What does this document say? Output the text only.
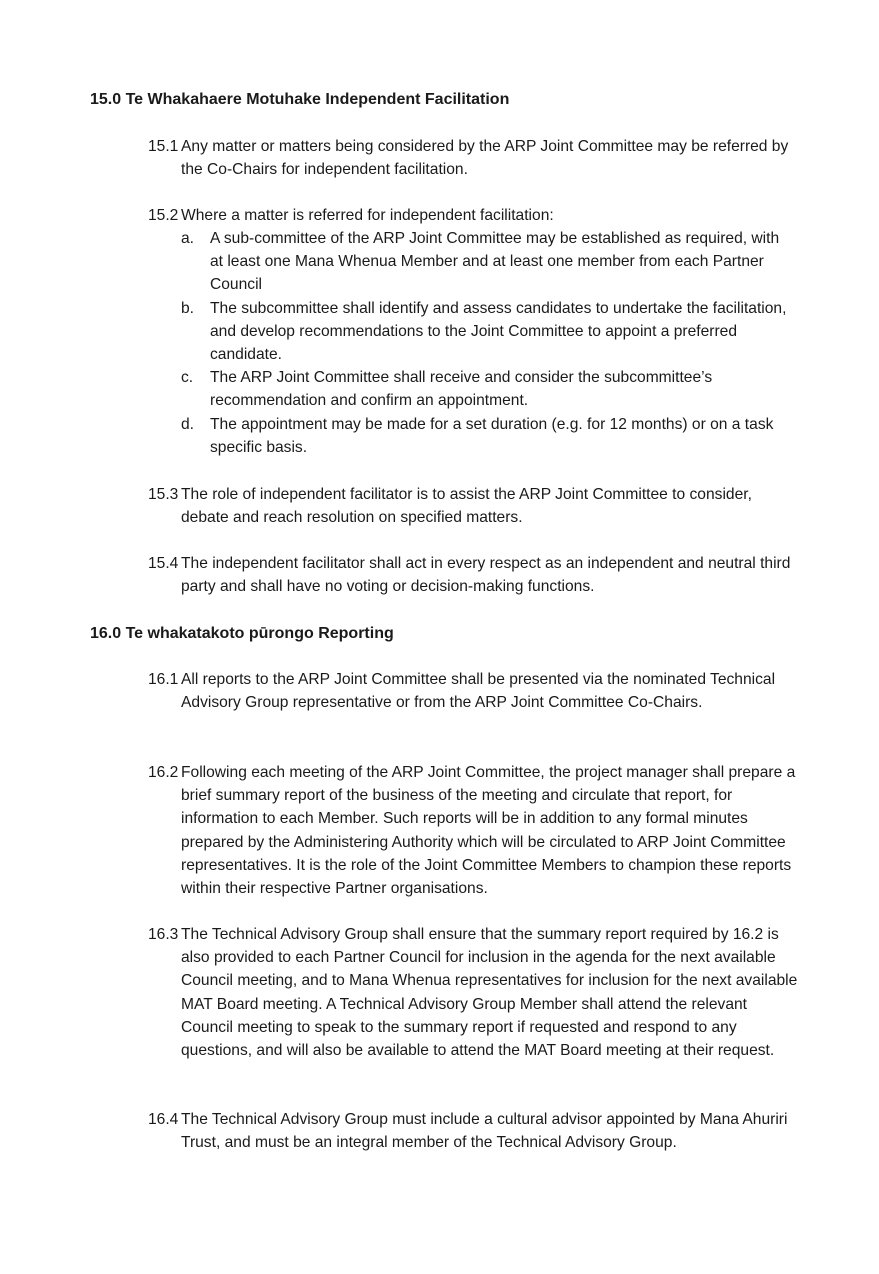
15.0 Te Whakahaere Motuhake Independent Facilitation
15.1 Any matter or matters being considered by the ARP Joint Committee may be referred by the Co-Chairs for independent facilitation.
15.2 Where a matter is referred for independent facilitation:
a. A sub-committee of the ARP Joint Committee may be established as required, with at least one Mana Whenua Member and at least one member from each Partner Council
b. The subcommittee shall identify and assess candidates to undertake the facilitation, and develop recommendations to the Joint Committee to appoint a preferred candidate.
c. The ARP Joint Committee shall receive and consider the subcommittee’s recommendation and confirm an appointment.
d. The appointment may be made for a set duration (e.g. for 12 months) or on a task specific basis.
15.3 The role of independent facilitator is to assist the ARP Joint Committee to consider, debate and reach resolution on specified matters.
15.4 The independent facilitator shall act in every respect as an independent and neutral third party and shall have no voting or decision-making functions.
16.0 Te whakatakoto pūrongo Reporting
16.1 All reports to the ARP Joint Committee shall be presented via the nominated Technical Advisory Group representative or from the ARP Joint Committee Co-Chairs.
16.2 Following each meeting of the ARP Joint Committee, the project manager shall prepare a brief summary report of the business of the meeting and circulate that report, for information to each Member. Such reports will be in addition to any formal minutes prepared by the Administering Authority which will be circulated to ARP Joint Committee representatives. It is the role of the Joint Committee Members to champion these reports within their respective Partner organisations.
16.3 The Technical Advisory Group shall ensure that the summary report required by 16.2 is also provided to each Partner Council for inclusion in the agenda for the next available Council meeting, and to Mana Whenua representatives for inclusion for the next available MAT Board meeting. A Technical Advisory Group Member shall attend the relevant Council meeting to speak to the summary report if requested and respond to any questions, and will also be available to attend the MAT Board meeting at their request.
16.4 The Technical Advisory Group must include a cultural advisor appointed by Mana Ahuriri Trust, and must be an integral member of the Technical Advisory Group.
